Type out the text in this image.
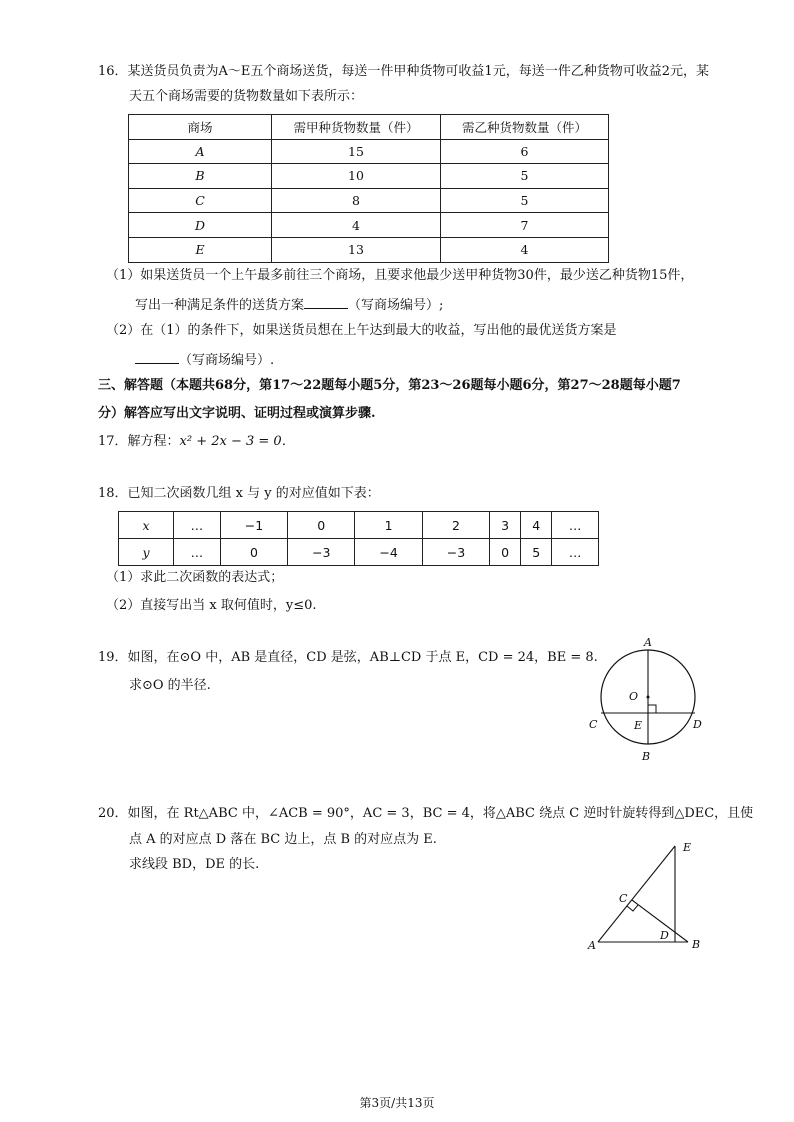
16．某送货员负责为A～E五个商场送货，每送一件甲种货物可收益1元，每送一件乙种货物可收益2元，某
天五个商场需要的货物数量如下表所示：
商场	需甲种货物数量（件）	需乙种货物数量（件）
A	15	6
B	10	5
C	8	5
D	4	7
E	13	4
（1）如果送货员一个上午最多前往三个商场，且要求他最少送甲种货物30件，最少送乙种货物15件，
写出一种满足条件的送货方案	（写商场编号）;
（2）在（1）的条件下，如果送货员想在上午达到最大的收益，写出他的最优送货方案是
（写商场编号）.
三、解答题（本题共68分，第17～22题每小题5分，第23～26题每小题6分，第27～28题每小题7
分）解答应写出文字说明、证明过程或演算步骤.
17．解方程：x² + 2x − 3 = 0．
18．已知二次函数几组 x 与 y 的对应值如下表：
x	…	−1	0	1	2	3	4	…
y	…	0	−3	−4	−3	0	5	…
（1）求此二次函数的表达式；
（2）直接写出当 x 取何值时，y≤0.
19．如图，在⊙O 中，AB 是直径，CD 是弦，AB⊥CD 于点 E，CD = 24，BE = 8.
求⊙O 的半径.
A
B
C	D
E
O
20．如图，在 Rt△ABC 中，∠ACB = 90°，AC = 3，BC = 4，将△ABC 绕点 C 逆时针旋转得到△DEC，且使
点 A 的对应点 D 落在 BC 边上，点 B 的对应点为 E.
求线段 BD，DE 的长.
A	B
C
D
E
第3页/共13页
